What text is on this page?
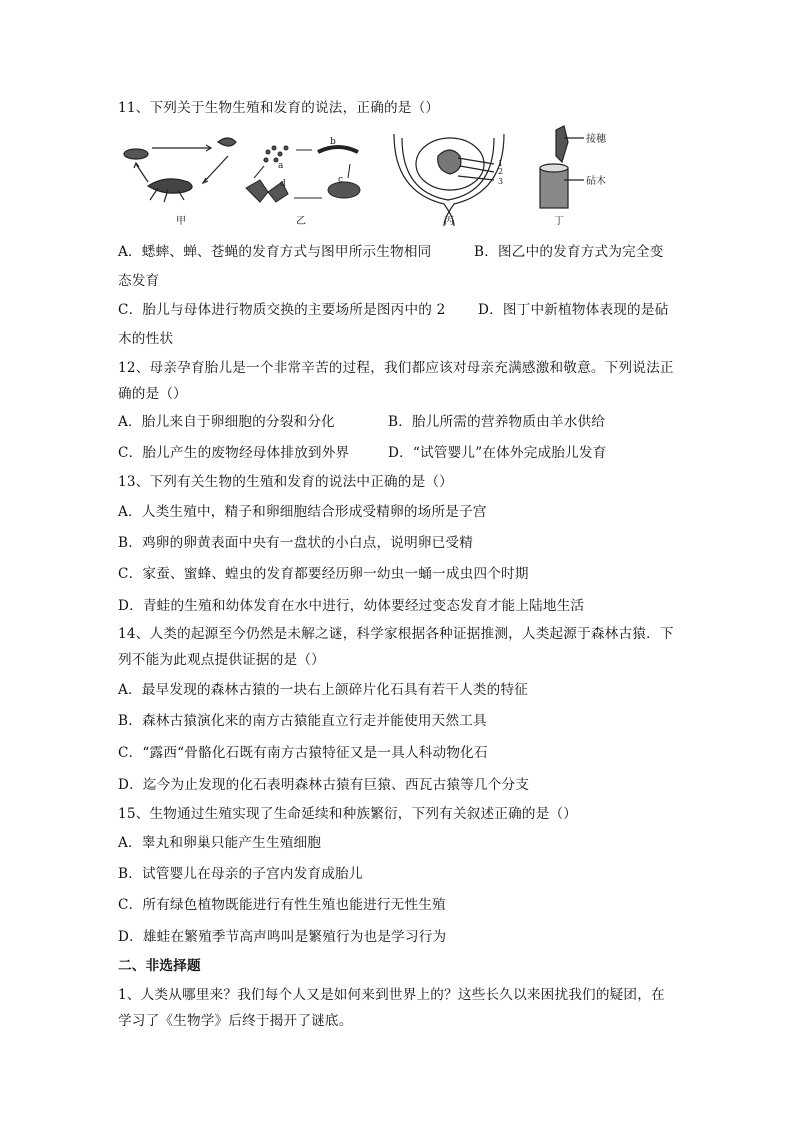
11、下列关于生物生殖和发育的说法，正确的是（）
a
b
c
d
1
2
3
接穗
砧木
甲	乙	丙	丁
A．蟋蟀、蝉、苍蝇的发育方式与图甲所示生物相同	B．图乙中的发育方式为完全变
态发育
C．胎儿与母体进行物质交换的主要场所是图丙中的 2 D．图丁中新植物体表现的是砧
木的性状
12、母亲孕育胎儿是一个非常辛苦的过程，我们都应该对母亲充满感激和敬意。下列说法正
确的是（）
A．胎儿来自于卵细胞的分裂和分化	B．胎儿所需的营养物质由羊水供给
C．胎儿产生的废物经母体排放到外界	D．“试管婴儿”在体外完成胎儿发育
13、下列有关生物的生殖和发育的说法中正确的是（）
A．人类生殖中，精子和卵细胞结合形成受精卵的场所是子宫
B．鸡卵的卵黄表面中央有一盘状的小白点，说明卵已受精
C．家蚕、蜜蜂、蝗虫的发育都要经历卵一幼虫一蛹一成虫四个时期
D．青蛙的生殖和幼体发育在水中进行，幼体要经过变态发育才能上陆地生活
14、人类的起源至今仍然是未解之谜，科学家根据各种证据推测，人类起源于森林古猿．下
列不能为此观点提供证据的是（）
A．最早发现的森林古猿的一块右上颌碎片化石具有若干人类的特征
B．森林古猿演化来的南方古猿能直立行走并能使用天然工具
C．“露西“骨骼化石既有南方古猿特征又是一具人科动物化石
D．迄今为止发现的化石表明森林古猿有巨猿、西瓦古猿等几个分支
15、生物通过生殖实现了生命延续和种族繁衍，下列有关叙述正确的是（）
A．睾丸和卵巢只能产生生殖细胞
B．试管婴儿在母亲的子宫内发育成胎儿
C．所有绿色植物既能进行有性生殖也能进行无性生殖
D．雄蛙在繁殖季节高声鸣叫是繁殖行为也是学习行为
二、非选择题
1、人类从哪里来？我们每个人又是如何来到世界上的？这些长久以来困扰我们的疑团，在
学习了《生物学》后终于揭开了谜底。
